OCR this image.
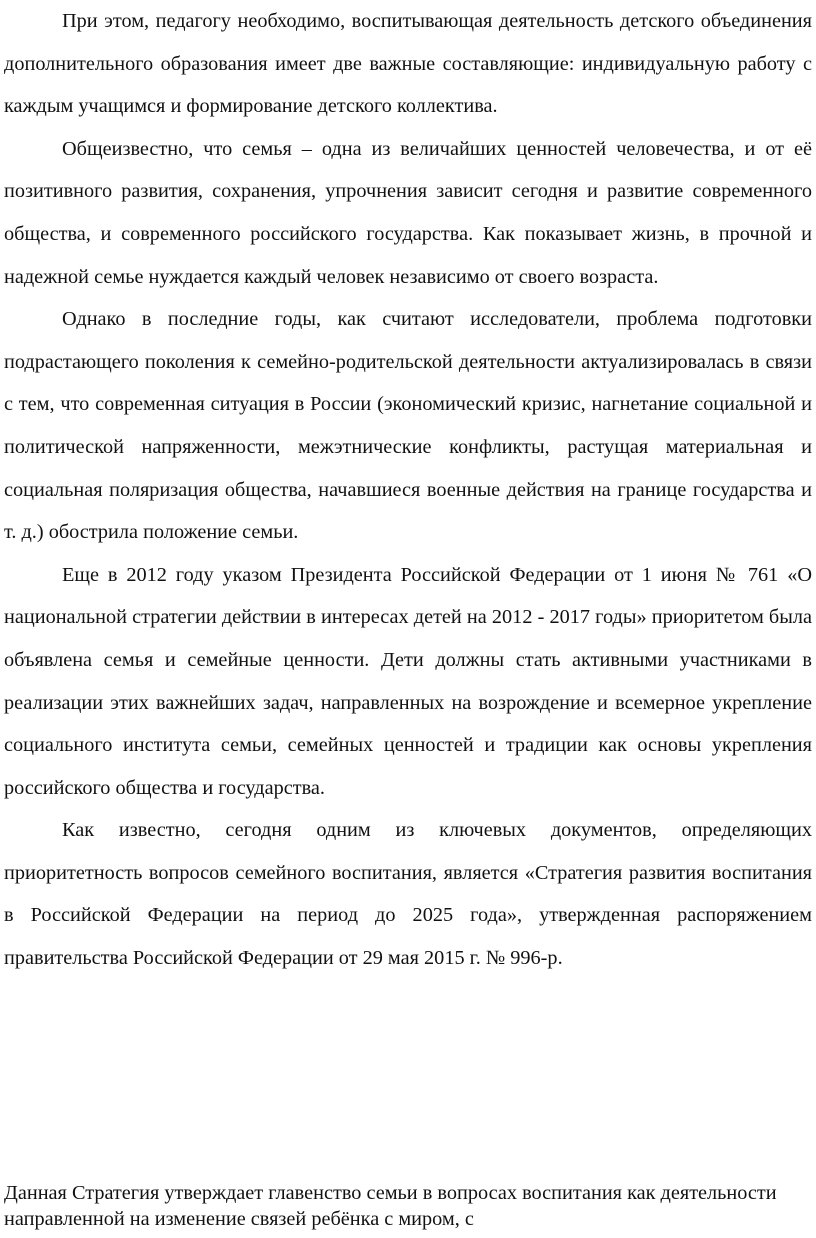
При этом, педагогу необходимо, воспитывающая деятельность детского объединения дополнительного образования имеет две важные составляющие: индивидуальную работу с каждым учащимся и формирование детского коллектива.

Общеизвестно, что семья – одна из величайших ценностей человечества, и от её позитивного развития, сохранения, упрочнения зависит сегодня и развитие современного общества, и современного российского государства. Как показывает жизнь, в прочной и надежной семье нуждается каждый человек независимо от своего возраста.

Однако в последние годы, как считают исследователи, проблема подготовки подрастающего поколения к семейно-родительской деятельности актуализировалась в связи с тем, что современная ситуация в России (экономический кризис, нагнетание социальной и политической напряженности, межэтнические конфликты, растущая материальная и социальная поляризация общества, начавшиеся военные действия на границе государства и т. д.) обострила положение семьи.

Еще в 2012 году указом Президента Российской Федерации от 1 июня № 761 «О национальной стратегии действии в интересах детей на 2012 - 2017 годы» приоритетом была объявлена семья и семейные ценности. Дети должны стать активными участниками в реализации этих важнейших задач, направленных на возрождение и всемерное укрепление социального института семьи, семейных ценностей и традиции как основы укрепления российского общества и государства.

Как известно, сегодня одним из ключевых документов, определяющих приоритетность вопросов семейного воспитания, является «Стратегия развития воспитания в Российской Федерации на период до 2025 года», утвержденная распоряжением правительства Российской Федерации от 29 мая 2015 г. № 996-р.

Данная Стратегия утверждает главенство семьи в вопросах воспитания как деятельности направленной на изменение связей ребёнка с миром, с
